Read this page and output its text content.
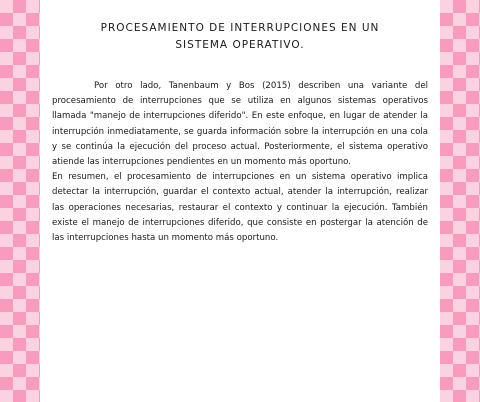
PROCESAMIENTO DE INTERRUPCIONES EN UN
SISTEMA OPERATIVO.

Por otro lado, Tanenbaum y Bos (2015) describen una variante del procesamiento de interrupciones que se utiliza en algunos sistemas operativos llamada "manejo de interrupciones diferido". En este enfoque, en lugar de atender la interrupción inmediatamente, se guarda información sobre la interrupción en una cola y se continúa la ejecución del proceso actual. Posteriormente, el sistema operativo atiende las interrupciones pendientes en un momento más oportuno.

En resumen, el procesamiento de interrupciones en un sistema operativo implica detectar la interrupción, guardar el contexto actual, atender la interrupción, realizar las operaciones necesarias, restaurar el contexto y continuar la ejecución. También existe el manejo de interrupciones diferido, que consiste en postergar la atención de las interrupciones hasta un momento más oportuno.
